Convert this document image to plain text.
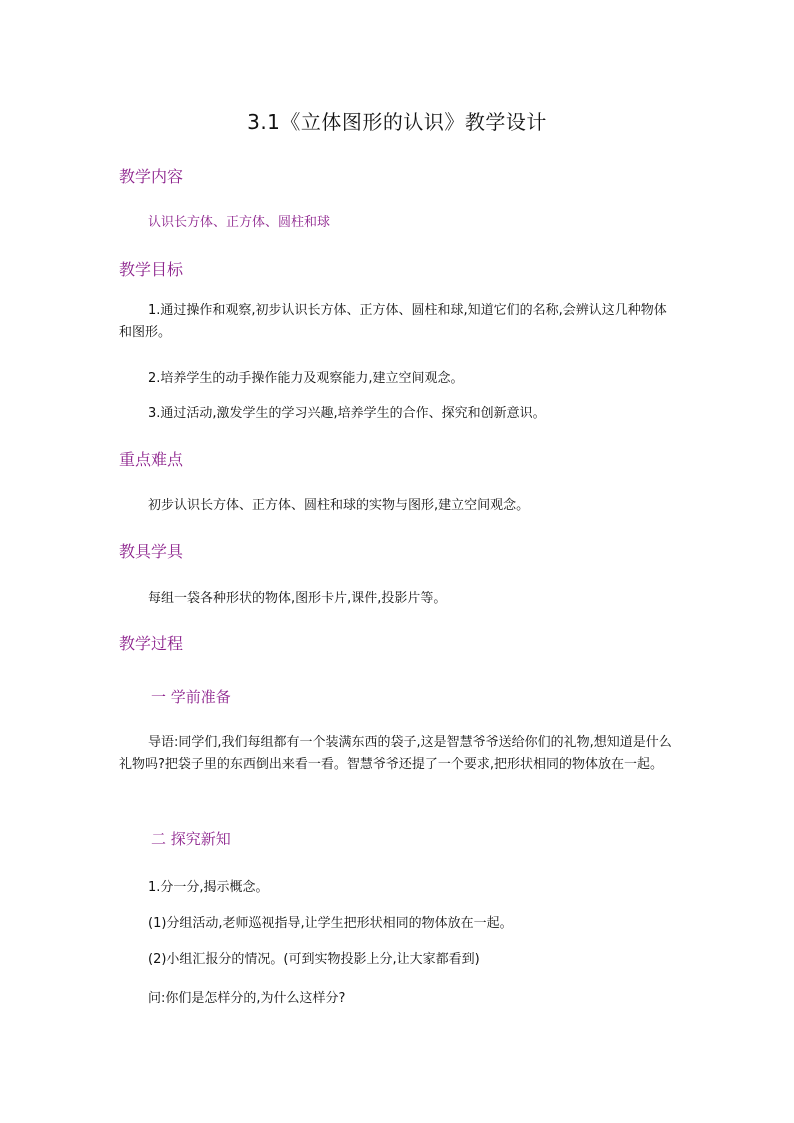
3.1《立体图形的认识》教学设计
教学内容
认识长方体、正方体、圆柱和球
教学目标
1.通过操作和观察,初步认识长方体、正方体、圆柱和球,知道它们的名称,会辨认这几种物体和图形。
2.培养学生的动手操作能力及观察能力,建立空间观念。
3.通过活动,激发学生的学习兴趣,培养学生的合作、探究和创新意识。
重点难点
初步认识长方体、正方体、圆柱和球的实物与图形,建立空间观念。
教具学具
每组一袋各种形状的物体,图形卡片,课件,投影片等。
教学过程
一 学前准备
导语:同学们,我们每组都有一个装满东西的袋子,这是智慧爷爷送给你们的礼物,想知道是什么礼物吗?把袋子里的东西倒出来看一看。智慧爷爷还提了一个要求,把形状相同的物体放在一起。
二 探究新知
1.分一分,揭示概念。
(1)分组活动,老师巡视指导,让学生把形状相同的物体放在一起。
(2)小组汇报分的情况。(可到实物投影上分,让大家都看到)
问:你们是怎样分的,为什么这样分?
